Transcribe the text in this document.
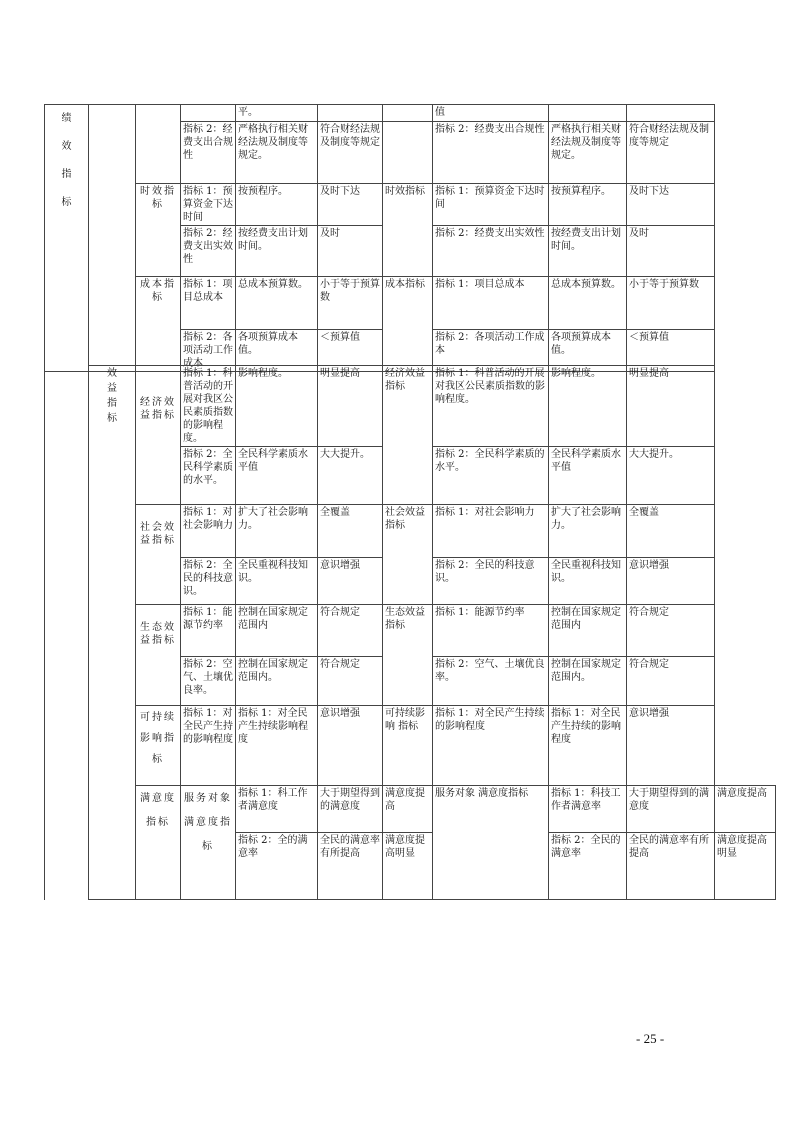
绩效指标				平。			值		
			指标 2：经费支出合规性	严格执行相关财经法规及制度等规定。	符合财经法规及制度等规定		指标 2：经费支出合规性	严格执行相关财经法规及制度等规定。	符合财经法规及制度等规定
		时效指标	指标 1：预算资金下达时间	按预程序。	及时下达	时效指标	指标 1：预算资金下达时间	按预算程序。	及时下达
			指标 2：经费支出实效性	按经费支出计划时间。	及时		指标 2：经费支出实效性	按经费支出计划时间。	及时
		成本指标	指标 1：项目总成本	总成本预算数。	小于等于预算数	成本指标	指标 1：项目总成本	总成本预算数。	小于等于预算数
			指标 2：各项活动工作成本	各项预算成本值。	＜预算值		指标 2：各项活动工作成本	各项预算成本值。	＜预算值

	效益指标	经济效益指标	指标 1：科普活动的开展对我区公民素质指数的影响程度。	影响程度。	明显提高	经济效益指标	指标 1：科普活动的开展对我区公民素质指数的影响程度。	影响程度。	明显提高	
			指标 2：全民科学素质的水平。	全民科学素质水平值	大大提升。		指标 2：全民科学素质的水平。	全民科学素质水平值	大大提升。	
		社会效益指标	指标 1：对社会影响力	扩大了社会影响力。	全覆盖	社会效益指标	指标 1：对社会影响力	扩大了社会影响力。	全覆盖	
			指标 2：全民的科技意识。	全民重视科技知识。	意识增强		指标 2：全民的科技意识。	全民重视科技知识。	意识增强	
		生态效益指标	指标 1：能源节约率	控制在国家规定范围内	符合规定	生态效益指标	指标 1：能源节约率	控制在国家规定范围内	符合规定	
			指标 2：空气、土壤优良率。	控制在国家规定范围内。	符合规定		指标 2：空气、土壤优良率。	控制在国家规定范围内。	符合规定	
		可持续影响指标	指标 1：对全民产生持的影响程度	指标 1：对全民产生持续影响程度	意识增强	可持续影响 指标	指标 1：对全民产生持续的影响程度	指标 1：对全民产生持续的影响程度	意识增强	
		满意度指标	服务对象满意度指标	指标 1：科工作者满意度	大于期望得到的满意度	满意度提高	服务对象 满意度指标	指标 1：科技工作者满意率	大于期望得到的满意度	满意度提高
				指标 2：全的满意率	全民的满意率有所提高	满意度提高明显		指标 2：全民的满意率	全民的满意率有所提高	满意度提高明显
- 25 -
